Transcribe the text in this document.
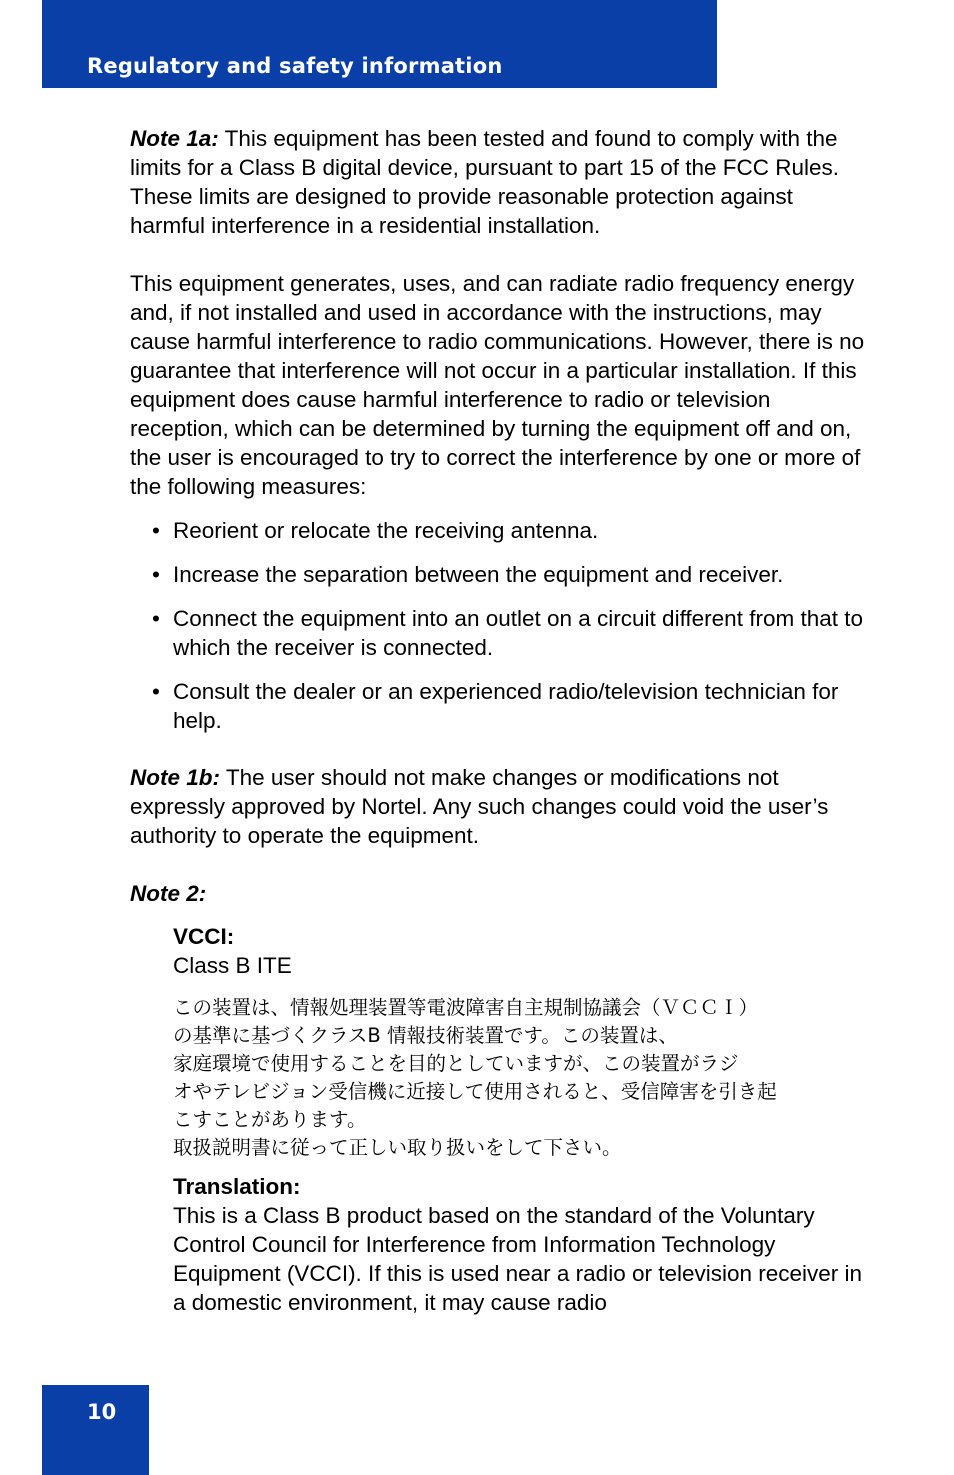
Regulatory and safety information

Note 1a: This equipment has been tested and found to comply with the limits for a Class B digital device, pursuant to part 15 of the FCC Rules. These limits are designed to provide reasonable protection against harmful interference in a residential installation.

This equipment generates, uses, and can radiate radio frequency energy and, if not installed and used in accordance with the instructions, may cause harmful interference to radio communications. However, there is no guarantee that interference will not occur in a particular installation. If this equipment does cause harmful interference to radio or television reception, which can be determined by turning the equipment off and on, the user is encouraged to try to correct the interference by one or more of the following measures:

• Reorient or relocate the receiving antenna.
• Increase the separation between the equipment and receiver.
• Connect the equipment into an outlet on a circuit different from that to which the receiver is connected.
• Consult the dealer or an experienced radio/television technician for help.

Note 1b: The user should not make changes or modifications not expressly approved by Nortel. Any such changes could void the user’s authority to operate the equipment.

Note 2:

VCCI:
Class B ITE
この装置は、情報処理装置等電波障害自主規制協議会（ＶＣＣＩ）
の基準に基づくクラスB 情報技術装置です。この装置は、
家庭環境で使用することを目的としていますが、この装置がラジ
オやテレビジョン受信機に近接して使用されると、受信障害を引き起
こすことがあります。
取扱説明書に従って正しい取り扱いをして下さい。
Translation:
This is a Class B product based on the standard of the Voluntary Control Council for Interference from Information Technology Equipment (VCCI). If this is used near a radio or television receiver in a domestic environment, it may cause radio
10
